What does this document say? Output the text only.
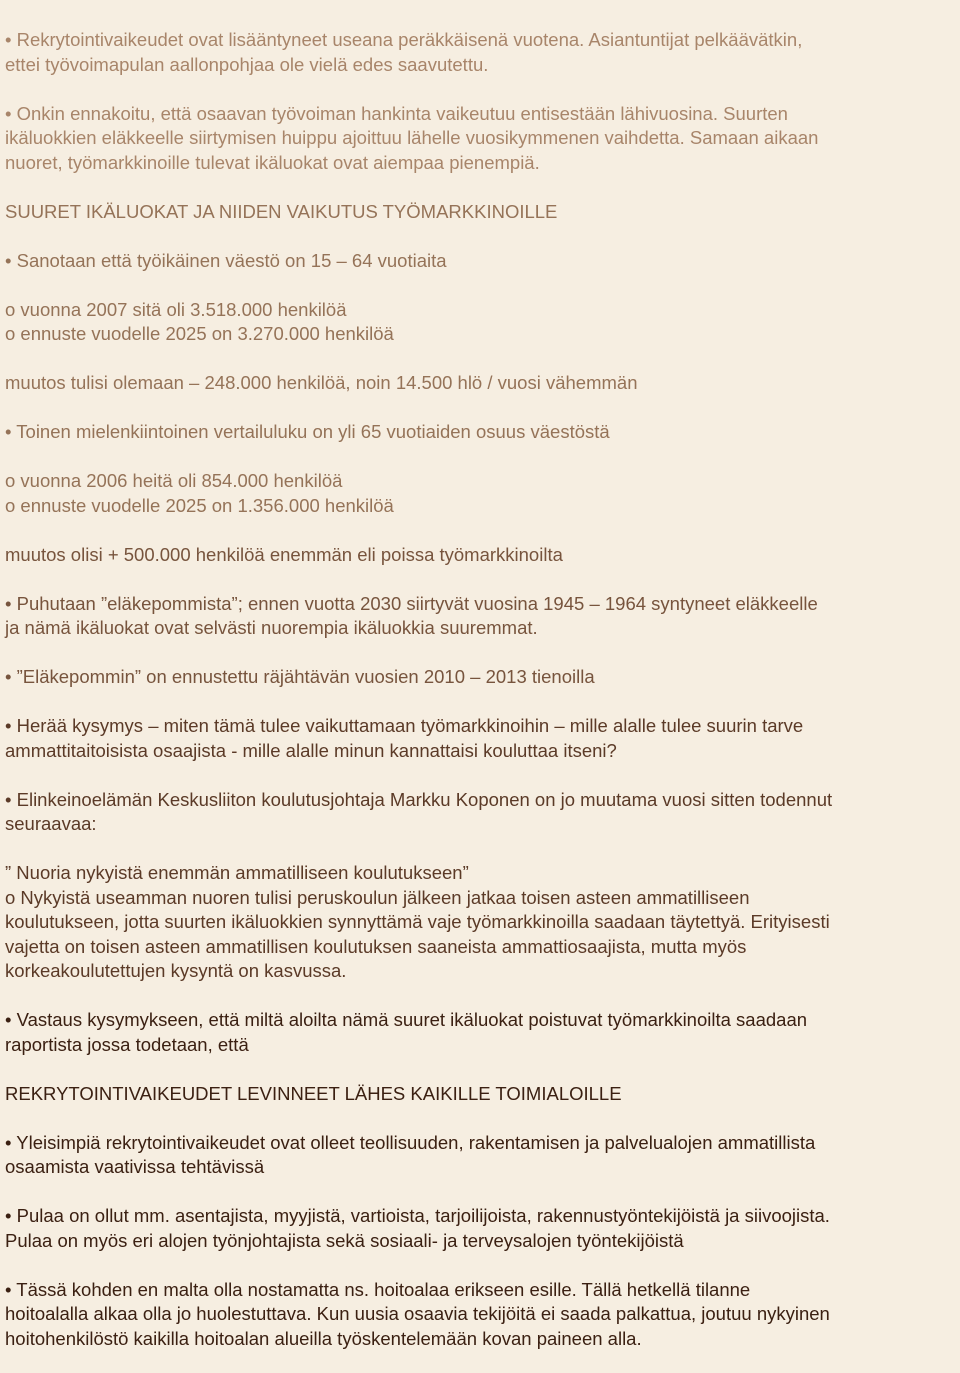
• Rekrytointivaikeudet ovat lisääntyneet useana peräkkäisenä vuotena. Asiantuntijat pelkäävätkin,
ettei työvoimapulan aallonpohjaa ole vielä edes saavutettu.

• Onkin ennakoitu, että osaavan työvoiman hankinta vaikeutuu entisestään lähivuosina. Suurten
ikäluokkien eläkkeelle siirtymisen huippu ajoittuu lähelle vuosikymmenen vaihdetta. Samaan aikaan
nuoret, työmarkkinoille tulevat ikäluokat ovat aiempaa pienempiä.

SUURET IKÄLUOKAT JA NIIDEN VAIKUTUS TYÖMARKKINOILLE

• Sanotaan että työikäinen väestö on 15 – 64 vuotiaita

o vuonna 2007 sitä oli 3.518.000 henkilöä
o ennuste vuodelle 2025 on 3.270.000 henkilöä

muutos tulisi olemaan – 248.000 henkilöä, noin 14.500 hlö / vuosi vähemmän

• Toinen mielenkiintoinen vertailuluku on yli 65 vuotiaiden osuus väestöstä

o vuonna 2006 heitä oli 854.000 henkilöä
o ennuste vuodelle 2025 on 1.356.000 henkilöä

muutos olisi + 500.000 henkilöä enemmän eli poissa työmarkkinoilta

• Puhutaan ”eläkepommista”; ennen vuotta 2030 siirtyvät vuosina 1945 – 1964 syntyneet eläkkeelle
ja nämä ikäluokat ovat selvästi nuorempia ikäluokkia suuremmat.

• ”Eläkepommin” on ennustettu räjähtävän vuosien 2010 – 2013 tienoilla

• Herää kysymys – miten tämä tulee vaikuttamaan työmarkkinoihin – mille alalle tulee suurin tarve
ammattitaitoisista osaajista - mille alalle minun kannattaisi kouluttaa itseni?

• Elinkeinoelämän Keskusliiton koulutusjohtaja Markku Koponen on jo muutama vuosi sitten todennut
seuraavaa:

” Nuoria nykyistä enemmän ammatilliseen koulutukseen”
o Nykyistä useamman nuoren tulisi peruskoulun jälkeen jatkaa toisen asteen ammatilliseen
koulutukseen, jotta suurten ikäluokkien synnyttämä vaje työmarkkinoilla saadaan täytettyä. Erityisesti
vajetta on toisen asteen ammatillisen koulutuksen saaneista ammattiosaajista, mutta myös
korkeakoulutettujen kysyntä on kasvussa.

• Vastaus kysymykseen, että miltä aloilta nämä suuret ikäluokat poistuvat työmarkkinoilta saadaan
raportista jossa todetaan, että

REKRYTOINTIVAIKEUDET LEVINNEET LÄHES KAIKILLE TOIMIALOILLE

• Yleisimpiä rekrytointivaikeudet ovat olleet teollisuuden, rakentamisen ja palvelualojen ammatillista
osaamista vaativissa tehtävissä

• Pulaa on ollut mm. asentajista, myyjistä, vartioista, tarjoilijoista, rakennustyöntekijöistä ja siivoojista.
Pulaa on myös eri alojen työnjohtajista sekä sosiaali- ja terveysalojen työntekijöistä

• Tässä kohden en malta olla nostamatta ns. hoitoalaa erikseen esille. Tällä hetkellä tilanne
hoitoalalla alkaa olla jo huolestuttava. Kun uusia osaavia tekijöitä ei saada palkattua, joutuu nykyinen
hoitohenkilöstö kaikilla hoitoalan alueilla työskentelemään kovan paineen alla.
